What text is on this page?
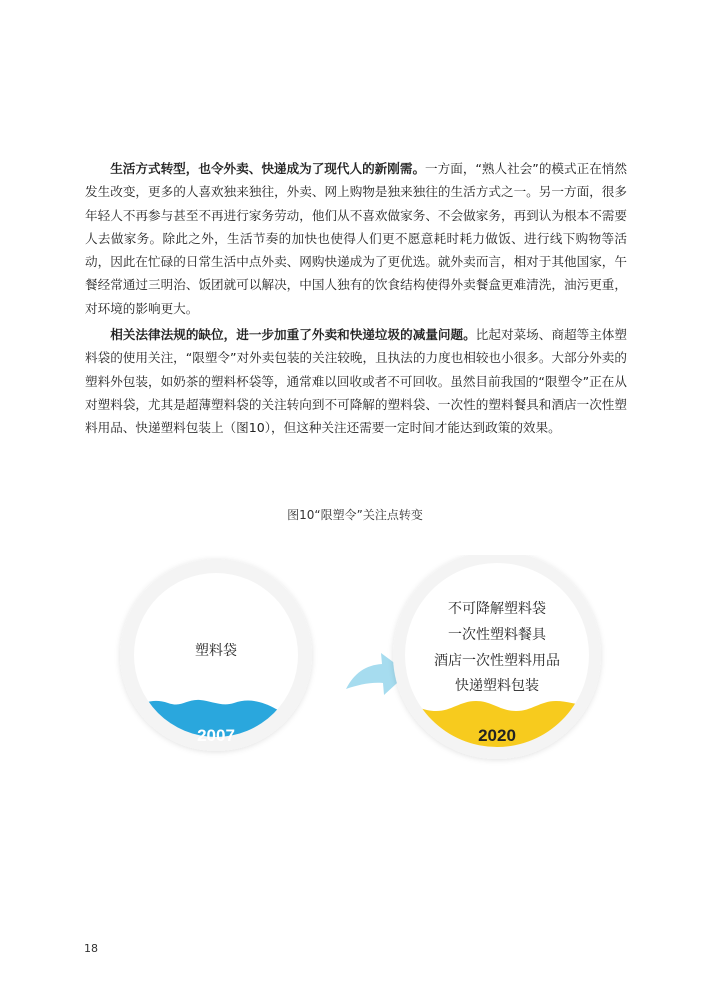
生活方式转型，也令外卖、快递成为了现代人的新刚需。一方面，“熟人社会”的模式正在悄然发生改变，更多的人喜欢独来独往，外卖、网上购物是独来独往的生活方式之一。另一方面，很多年轻人不再参与甚至不再进行家务劳动，他们从不喜欢做家务、不会做家务，再到认为根本不需要人去做家务。除此之外，生活节奏的加快也使得人们更不愿意耗时耗力做饭、进行线下购物等活动，因此在忙碌的日常生活中点外卖、网购快递成为了更优选。就外卖而言，相对于其他国家，午餐经常通过三明治、饭团就可以解决，中国人独有的饮食结构使得外卖餐盒更难清洗，油污更重，对环境的影响更大。

相关法律法规的缺位，进一步加重了外卖和快递垃圾的减量问题。比起对菜场、商超等主体塑料袋的使用关注，“限塑令”对外卖包装的关注较晚，且执法的力度也相较也小很多。大部分外卖的塑料外包装，如奶茶的塑料杯袋等，通常难以回收或者不可回收。虽然目前我国的“限塑令”正在从对塑料袋，尤其是超薄塑料袋的关注转向到不可降解的塑料袋、一次性的塑料餐具和酒店一次性塑料用品、快递塑料包装上（图10），但这种关注还需要一定时间才能达到政策的效果。

图10“限塑令”关注点转变
塑料袋
2007
不可降解塑料袋
一次性塑料餐具
酒店一次性塑料用品
快递塑料包装
2020
18
